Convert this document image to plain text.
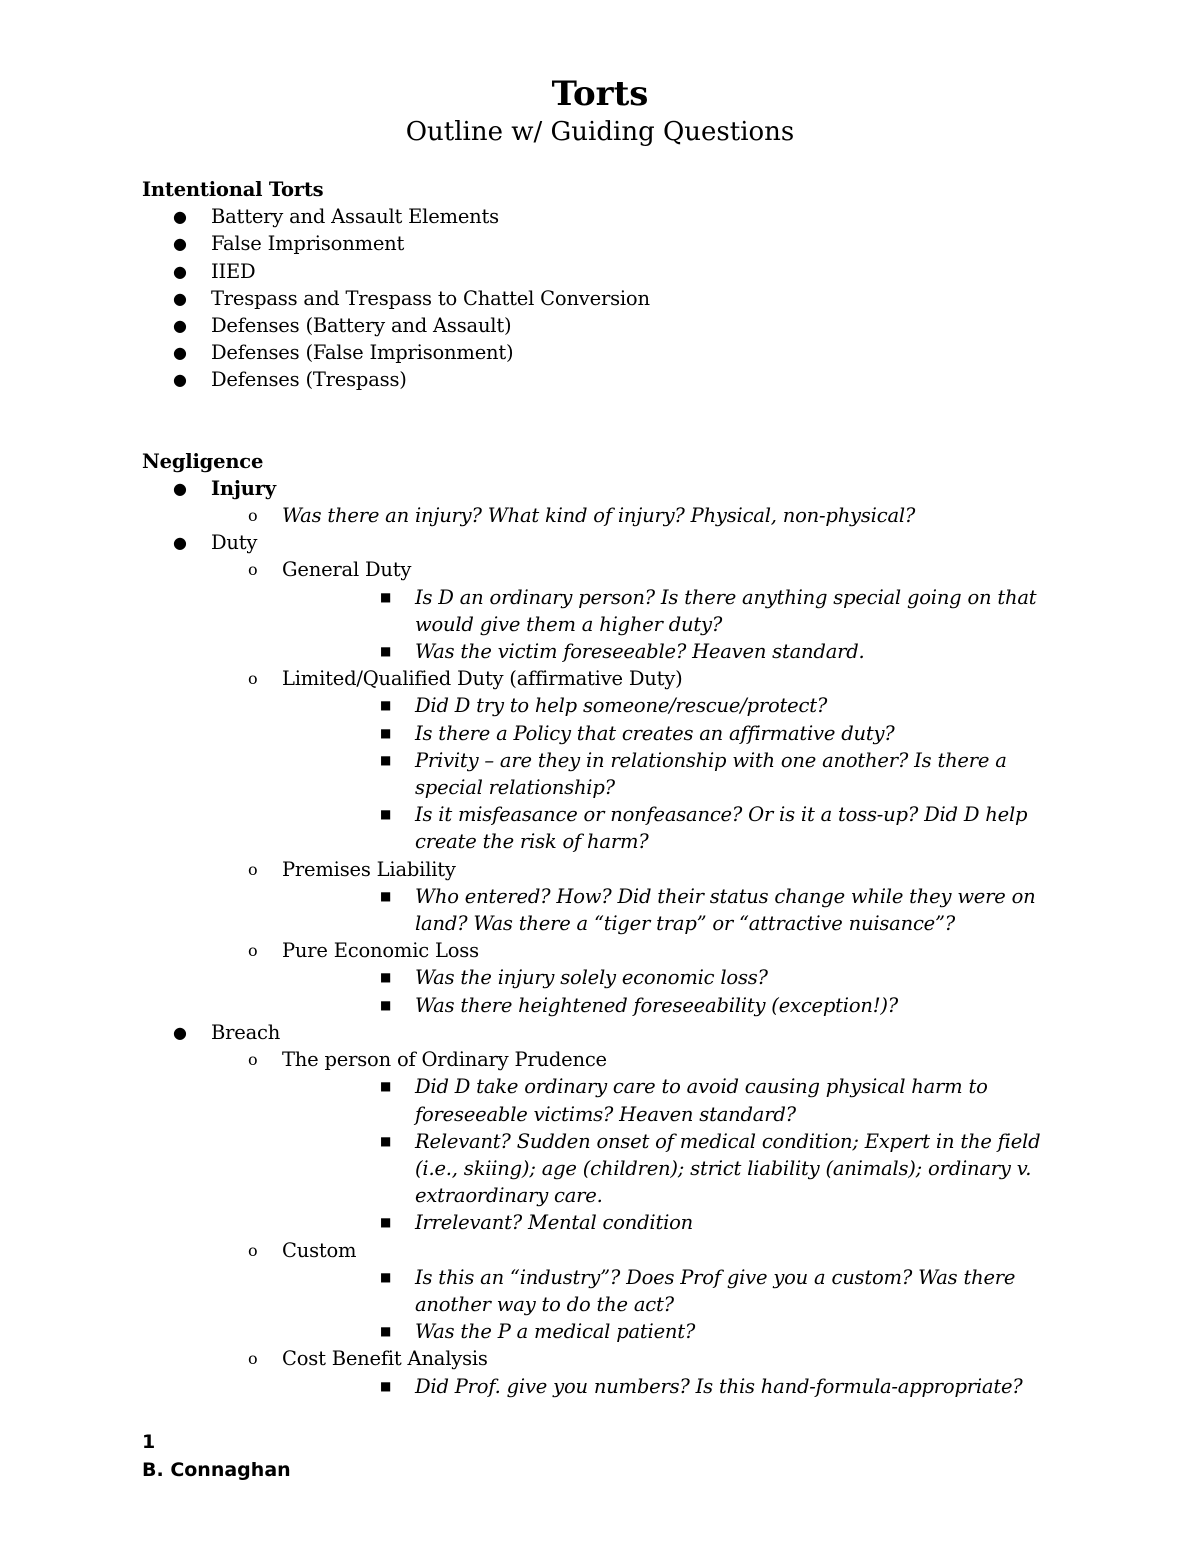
Torts
Outline w/ Guiding Questions
Intentional Torts
● Battery and Assault Elements
● False Imprisonment
● IIED
● Trespass and Trespass to Chattel Conversion
● Defenses (Battery and Assault)
● Defenses (False Imprisonment)
● Defenses (Trespass)
Negligence
● Injury
o Was there an injury? What kind of injury? Physical, non-physical?
● Duty
o General Duty
■ Is D an ordinary person? Is there anything special going on that would give them a higher duty?
■ Was the victim foreseeable? Heaven standard.
o Limited/Qualified Duty (affirmative Duty)
■ Did D try to help someone/rescue/protect?
■ Is there a Policy that creates an affirmative duty?
■ Privity – are they in relationship with one another? Is there a special relationship?
■ Is it misfeasance or nonfeasance? Or is it a toss-up? Did D help create the risk of harm?
o Premises Liability
■ Who entered? How? Did their status change while they were on land? Was there a “tiger trap” or “attractive nuisance”?
o Pure Economic Loss
■ Was the injury solely economic loss?
■ Was there heightened foreseeability (exception!)?
● Breach
o The person of Ordinary Prudence
■ Did D take ordinary care to avoid causing physical harm to foreseeable victims? Heaven standard?
■ Relevant? Sudden onset of medical condition; Expert in the field (i.e., skiing); age (children); strict liability (animals); ordinary v. extraordinary care.
■ Irrelevant? Mental condition
o Custom
■ Is this an “industry”? Does Prof give you a custom? Was there another way to do the act?
■ Was the P a medical patient?
o Cost Benefit Analysis
■ Did Prof. give you numbers? Is this hand-formula-appropriate?
1
B. Connaghan
